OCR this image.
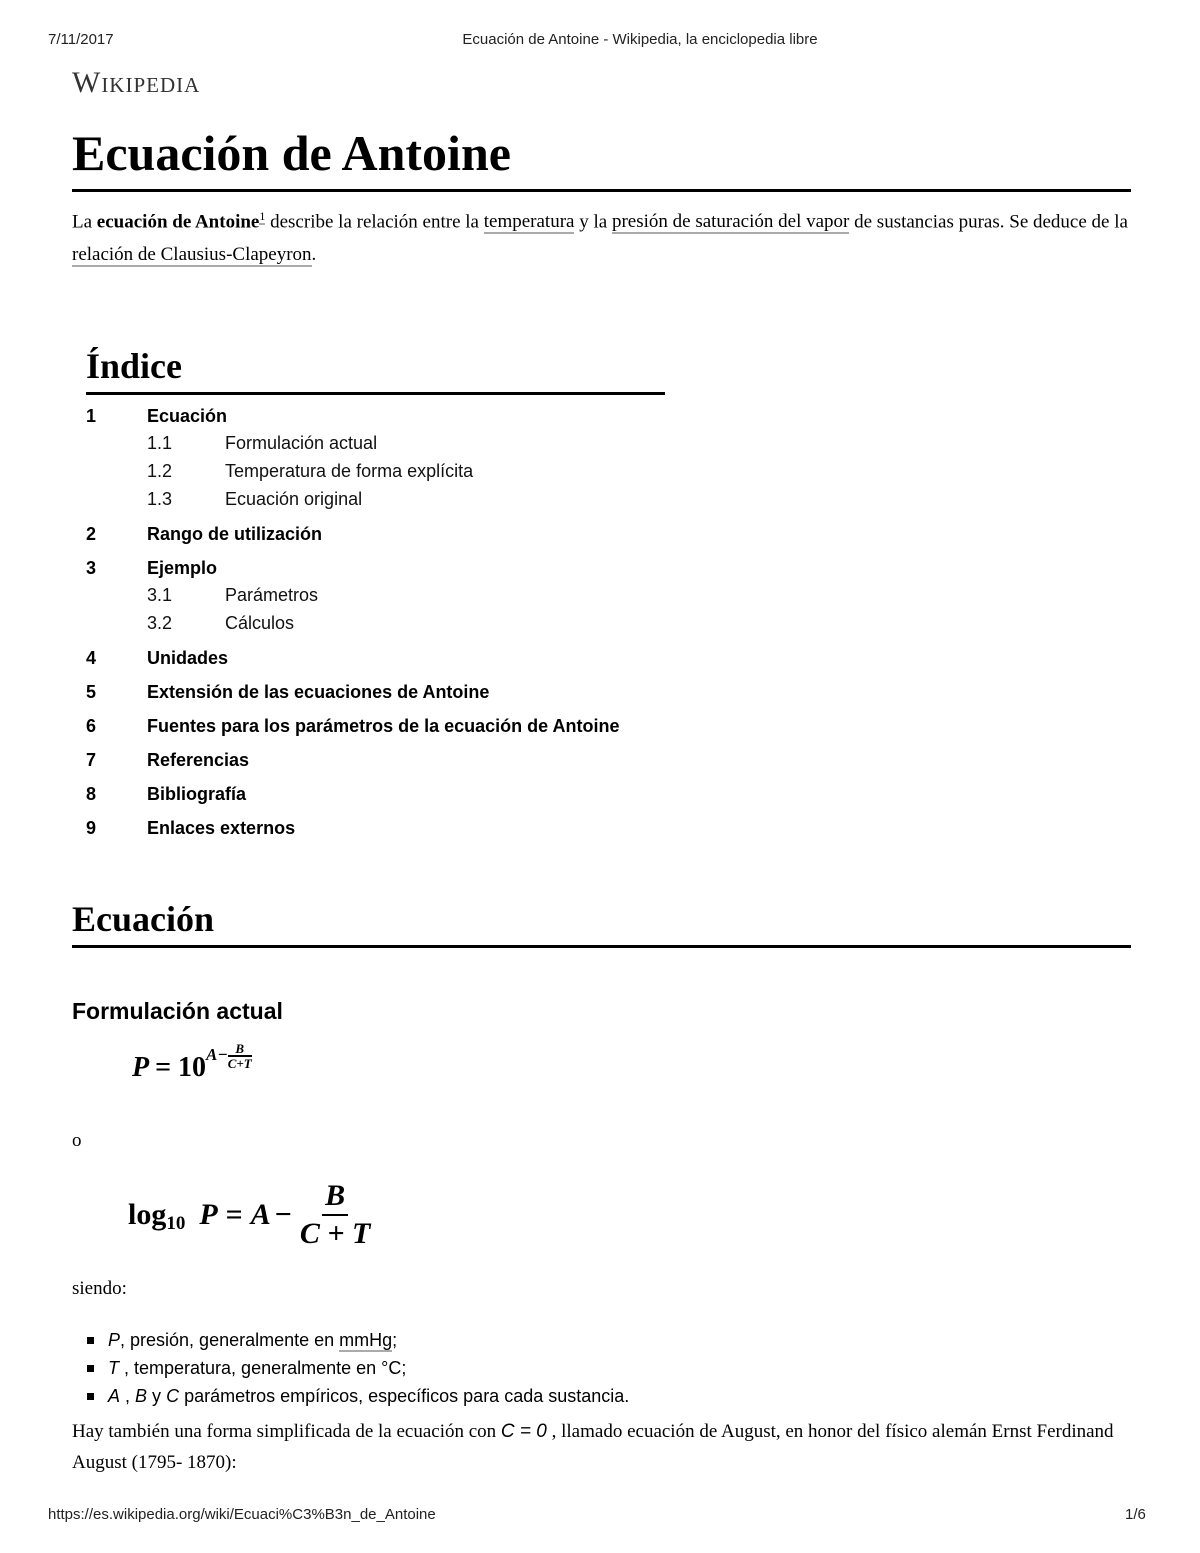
7/11/2017	Ecuación de Antoine - Wikipedia, la enciclopedia libre
Wikipedia
Ecuación de Antoine
La ecuación de Antoine$^1$ describe la relación entre la temperatura y la presión de saturación del vapor de sustancias puras. Se deduce de la relación de Clausius-Clapeyron.
Índice
1	Ecuación
1.1	Formulación actual
1.2	Temperatura de forma explícita
1.3	Ecuación original
2	Rango de utilización
3	Ejemplo
3.1	Parámetros
3.2	Cálculos
4	Unidades
5	Extensión de las ecuaciones de Antoine
6	Fuentes para los parámetros de la ecuación de Antoine
7	Referencias
8	Bibliografía
9	Enlaces externos
Ecuación
Formulación actual
$P = 10^{A- \frac{B}{C+T}}$
o
log 10 $P = A - \frac{B}{C + T}$
siendo:
P, presión, generalmente en mmHg;
T , temperatura, generalmente en °C;
A , B y C parámetros empíricos, específicos para cada sustancia.
Hay también una forma simplificada de la ecuación con C = 0 , llamado ecuación de August, en honor del físico alemán Ernst Ferdinand August (1795- 1870):
https://es.wikipedia.org/wiki/Ecuaci%C3%B3n_de_Antoine	1/6
